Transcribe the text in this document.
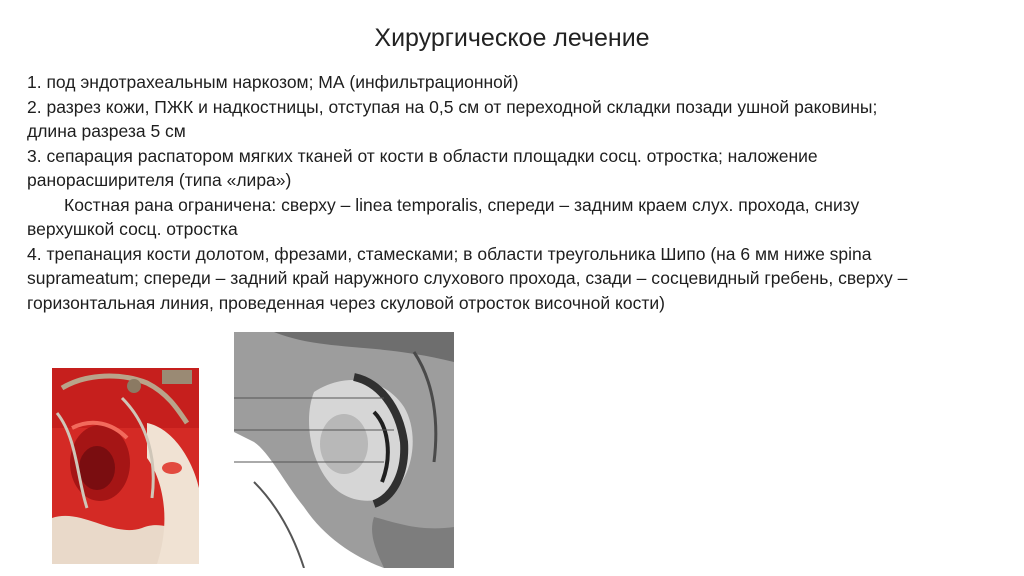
Хирургическое лечение

1. под эндотрахеальным наркозом; МА (инфильтрационной)

2. разрез кожи, ПЖК и надкостницы, отступая на 0,5 см от переходной складки позади ушной раковины; длина разреза 5 см

3. сепарация распатором мягких тканей от кости в области площадки сосц. отростка; наложение ранорасширителя (типа «лира»)

Костная рана ограничена: сверху – linea temporalis, спереди – задним краем слух. прохода, снизу верхушкой сосц. отростка

4. трепанация кости долотом, фрезами, стамесками; в области треугольника Шипо (на 6 мм ниже spina suprameatum; спереди – задний край наружного слухового прохода, сзади – сосцевидный гребень, сверху – горизонтальная линия, проведенная через скуловой отросток височной кости)
